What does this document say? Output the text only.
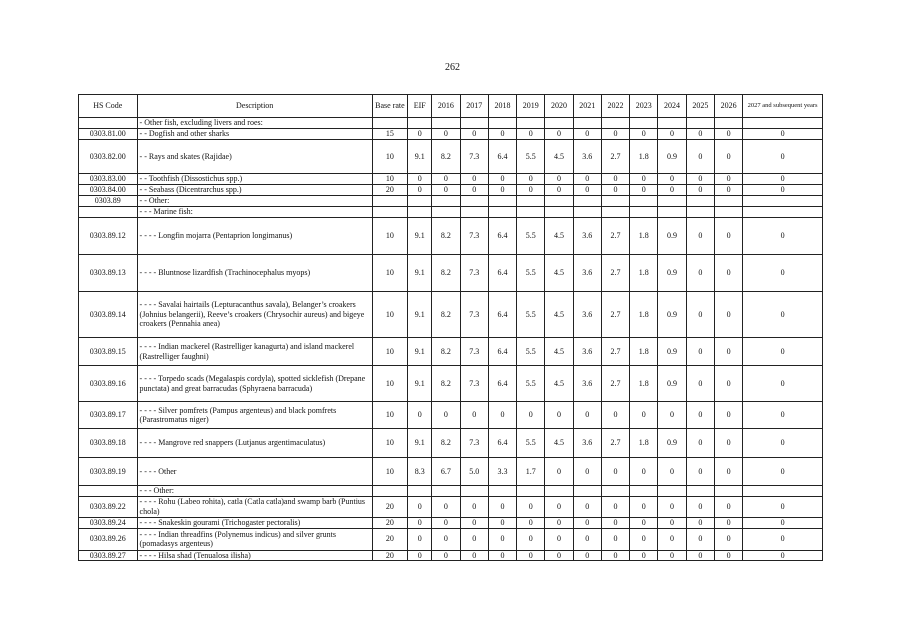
262
HS Code	Description	Base rate	EIF	2016	2017	2018	2019	2020	2021	2022	2023	2024	2025	2026	2027 and subsequent years
	- Other fish, excluding livers and roes:														
0303.81.00	- - Dogfish and other sharks	15	0	0	0	0	0	0	0	0	0	0	0	0	0
0303.82.00	- - Rays and skates (Rajidae)	10	9.1	8.2	7.3	6.4	5.5	4.5	3.6	2.7	1.8	0.9	0	0	0
0303.83.00	- - Toothfish (Dissostichus spp.)	10	0	0	0	0	0	0	0	0	0	0	0	0	0
0303.84.00	- - Seabass (Dicentrarchus spp.)	20	0	0	0	0	0	0	0	0	0	0	0	0	0
0303.89	- - Other:														
	- - - Marine fish:														
0303.89.12	- - - - Longfin mojarra (Pentaprion longimanus)	10	9.1	8.2	7.3	6.4	5.5	4.5	3.6	2.7	1.8	0.9	0	0	0
0303.89.13	- - - - Bluntnose lizardfish (Trachinocephalus myops)	10	9.1	8.2	7.3	6.4	5.5	4.5	3.6	2.7	1.8	0.9	0	0	0
0303.89.14	- - - - Savalai hairtails (Lepturacanthus savala), Belanger’s croakers (Johnius belangerii), Reeve’s croakers (Chrysochir aureus) and bigeye croakers (Pennahia anea)	10	9.1	8.2	7.3	6.4	5.5	4.5	3.6	2.7	1.8	0.9	0	0	0
0303.89.15	- - - - Indian mackerel (Rastrelliger kanagurta) and island mackerel (Rastrelliger faughni)	10	9.1	8.2	7.3	6.4	5.5	4.5	3.6	2.7	1.8	0.9	0	0	0
0303.89.16	- - - - Torpedo scads (Megalaspis cordyla), spotted sicklefish (Drepane punctata) and great barracudas (Sphyraena barracuda)	10	9.1	8.2	7.3	6.4	5.5	4.5	3.6	2.7	1.8	0.9	0	0	0
0303.89.17	- - - - Silver pomfrets (Pampus argenteus) and black pomfrets (Parastromatus niger)	10	0	0	0	0	0	0	0	0	0	0	0	0	0
0303.89.18	- - - - Mangrove red snappers (Lutjanus argentimaculatus)	10	9.1	8.2	7.3	6.4	5.5	4.5	3.6	2.7	1.8	0.9	0	0	0
0303.89.19	- - - - Other	10	8.3	6.7	5.0	3.3	1.7	0	0	0	0	0	0	0	0
	- - - Other:														
0303.89.22	- - - - Rohu (Labeo rohita), catla (Catla catla)and swamp barb (Puntius chola)	20	0	0	0	0	0	0	0	0	0	0	0	0	0
0303.89.24	- - - - Snakeskin gourami (Trichogaster pectoralis)	20	0	0	0	0	0	0	0	0	0	0	0	0	0
0303.89.26	- - - - Indian threadfins (Polynemus indicus) and silver grunts (pomadasys argenteus)	20	0	0	0	0	0	0	0	0	0	0	0	0	0
0303.89.27	- - - - Hilsa shad (Tenualosa ilisha)	20	0	0	0	0	0	0	0	0	0	0	0	0	0
